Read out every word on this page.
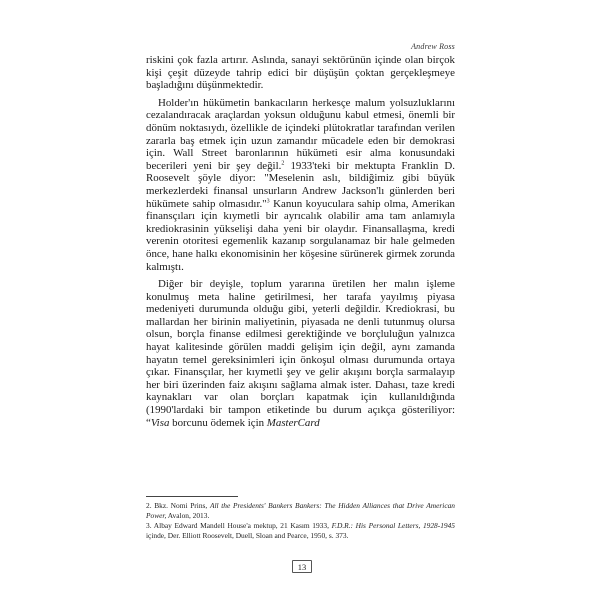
Andrew Ross

riskini çok fazla artırır. Aslında, sanayi sektörünün içinde olan birçok kişi çeşit düzeyde tahrip edici bir düşüşün çoktan gerçekleşmeye başladığını düşünmektedir.

Holder'ın hükümetin bankacıların herkesçe malum yolsuzluklarını cezalandıracak araçlardan yoksun olduğunu kabul etmesi, önemli bir dönüm noktasıydı, özellikle de içindeki plütokratlar tarafından verilen zararla baş etmek için uzun zamandır mücadele eden bir demokrasi için. Wall Street baronlarının hükümeti esir alma konusundaki becerileri yeni bir şey değil.$^2$ 1933'teki bir mektupta Franklin D. Roosevelt şöyle diyor: "Meselenin aslı, bildiğimiz gibi büyük merkezlerdeki finansal unsurların Andrew Jackson'lı günlerden beri hükümete sahip olmasıdır."$^3$ Kanun koyuculara sahip olma, Amerikan finansçıları için kıymetli bir ayrıcalık olabilir ama tam anlamıyla krediokrasinin yükselişi daha yeni bir olaydır. Finansallaşma, kredi verenin otoritesi egemenlik kazanıp sorgulanamaz bir hale gelmeden önce, hane halkı ekonomisinin her köşesine sürünerek girmek zorunda kalmıştı.

Diğer bir deyişle, toplum yararına üretilen her malın işleme konulmuş meta haline getirilmesi, her tarafa yayılmış piyasa medeniyeti durumunda olduğu gibi, yeterli değildir. Krediokrasi, bu mallardan her birinin maliyetinin, piyasada ne denli tutunmuş olursa olsun, borçla finanse edilmesi gerektiğinde ve borçluluğun yalnızca hayat kalitesinde görülen maddi gelişim için değil, aynı zamanda hayatın temel gereksinimleri için önkoşul olması durumunda ortaya çıkar. Finansçılar, her kıymetli şey ve gelir akışını borçla sarmalayıp her biri üzerinden faiz akışını sağlama almak ister. Dahası, taze kredi kaynakları var olan borçları kapatmak için kullanıldığında (1990'lardaki bir tampon etiketinde bu durum açıkça gösteriliyor: “Visa borcunu ödemek için MasterCard

2. Bkz. Nomi Prins, All the Presidents' Bankers Bankers: The Hidden Alliances that Drive American Power, Avalon, 2013.

3. Albay Edward Mandell House'a mektup, 21 Kasım 1933, F.D.R.: His Personal Letters, 1928-1945 içinde, Der. Elliott Roosevelt, Duell, Sloan and Pearce, 1950, s. 373.

13
